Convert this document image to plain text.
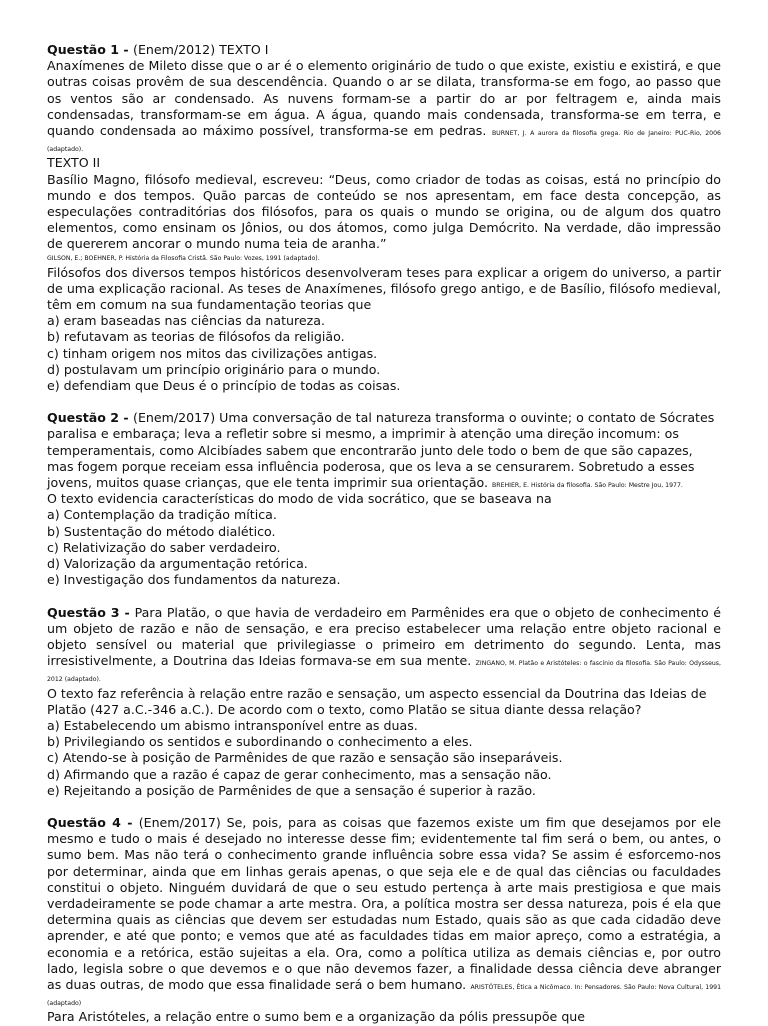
Questão 1 - (Enem/2012) TEXTO I

Anaxímenes de Mileto disse que o ar é o elemento originário de tudo o que existe, existiu e existirá, e que outras coisas provêm de sua descendência. Quando o ar se dilata, transforma-se em fogo, ao passo que os ventos são ar condensado. As nuvens formam-se a partir do ar por feltragem e, ainda mais condensadas, transformam-se em água. A água, quando mais condensada, transforma-se em terra, e quando condensada ao máximo possível, transforma-se em pedras. BURNET, J. A aurora da filosofia grega. Rio de Janeiro: PUC-Rio, 2006 (adaptado).

TEXTO II

Basílio Magno, filósofo medieval, escreveu: “Deus, como criador de todas as coisas, está no princípio do mundo e dos tempos. Quão parcas de conteúdo se nos apresentam, em face desta concepção, as especulações contraditórias dos filósofos, para os quais o mundo se origina, ou de algum dos quatro elementos, como ensinam os Jônios, ou dos átomos, como julga Demócrito. Na verdade, dão impressão de quererem ancorar o mundo numa teia de aranha.”

GILSON, E.; BOEHNER, P. História da Filosofia Cristã. São Paulo: Vozes, 1991 (adaptado).

Filósofos dos diversos tempos históricos desenvolveram teses para explicar a origem do universo, a partir de uma explicação racional. As teses de Anaxímenes, filósofo grego antigo, e de Basílio, filósofo medieval, têm em comum na sua fundamentação teorias que

a) eram baseadas nas ciências da natureza.

b) refutavam as teorias de filósofos da religião.

c) tinham origem nos mitos das civilizações antigas.

d) postulavam um princípio originário para o mundo.

e) defendiam que Deus é o princípio de todas as coisas.

Questão 2 - (Enem/2017) Uma conversação de tal natureza transforma o ouvinte; o contato de Sócrates paralisa e embaraça; leva a refletir sobre si mesmo, a imprimir à atenção uma direção incomum: os temperamentais, como Alcibíades sabem que encontrarão junto dele todo o bem de que são capazes, mas fogem porque receiam essa influência poderosa, que os leva a se censurarem. Sobretudo a esses jovens, muitos quase crianças, que ele tenta imprimir sua orientação. BREHIER, E. História da filosofia. São Paulo: Mestre Jou, 1977.

O texto evidencia características do modo de vida socrático, que se baseava na

a) Contemplação da tradição mítica.

b) Sustentação do método dialético.

c) Relativização do saber verdadeiro.

d) Valorização da argumentação retórica.

e) Investigação dos fundamentos da natureza.

Questão 3 - Para Platão, o que havia de verdadeiro em Parmênides era que o objeto de conhecimento é um objeto de razão e não de sensação, e era preciso estabelecer uma relação entre objeto racional e objeto sensível ou material que privilegiasse o primeiro em detrimento do segundo. Lenta, mas irresistivelmente, a Doutrina das Ideias formava-se em sua mente. ZINGANO, M. Platão e Aristóteles: o fascínio da filosofia. São Paulo: Odysseus, 2012 (adaptado).

O texto faz referência à relação entre razão e sensação, um aspecto essencial da Doutrina das Ideias de Platão (427 a.C.-346 a.C.). De acordo com o texto, como Platão se situa diante dessa relação?

a) Estabelecendo um abismo intransponível entre as duas.

b) Privilegiando os sentidos e subordinando o conhecimento a eles.

c) Atendo-se à posição de Parmênides de que razão e sensação são inseparáveis.

d) Afirmando que a razão é capaz de gerar conhecimento, mas a sensação não.

e) Rejeitando a posição de Parmênides de que a sensação é superior à razão.

Questão 4 - (Enem/2017) Se, pois, para as coisas que fazemos existe um fim que desejamos por ele mesmo e tudo o mais é desejado no interesse desse fim; evidentemente tal fim será o bem, ou antes, o sumo bem. Mas não terá o conhecimento grande influência sobre essa vida? Se assim é esforcemo-nos por determinar, ainda que em linhas gerais apenas, o que seja ele e de qual das ciências ou faculdades constitui o objeto. Ninguém duvidará de que o seu estudo pertença à arte mais prestigiosa e que mais verdadeiramente se pode chamar a arte mestra. Ora, a política mostra ser dessa natureza, pois é ela que determina quais as ciências que devem ser estudadas num Estado, quais são as que cada cidadão deve aprender, e até que ponto; e vemos que até as faculdades tidas em maior apreço, como a estratégia, a economia e a retórica, estão sujeitas a ela. Ora, como a política utiliza as demais ciências e, por outro lado, legisla sobre o que devemos e o que não devemos fazer, a finalidade dessa ciência deve abranger as duas outras, de modo que essa finalidade será o bem humano. ARISTÓTELES, Ética a Nicômaco. In: Pensadores. São Paulo: Nova Cultural, 1991 (adaptado)

Para Aristóteles, a relação entre o sumo bem e a organização da pólis pressupõe que
